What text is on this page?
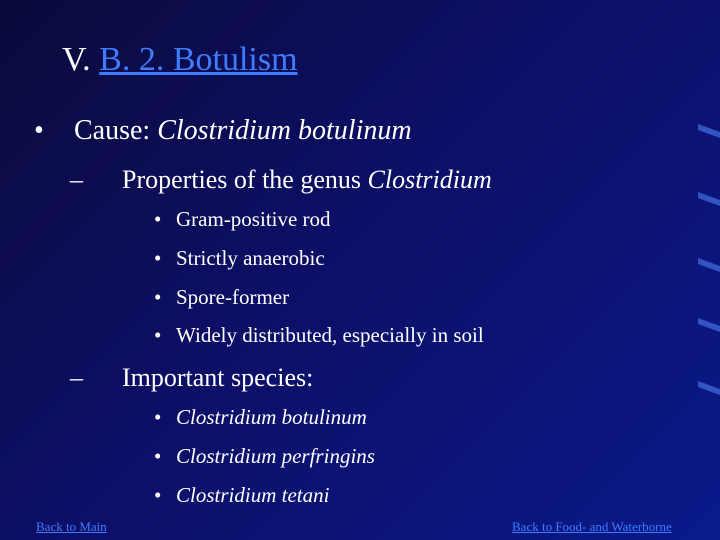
V. B. 2. Botulism
• Cause: Clostridium botulinum
– Properties of the genus Clostridium
• Gram-positive rod
• Strictly anaerobic
• Spore-former
• Widely distributed, especially in soil
– Important species:
• Clostridium botulinum
• Clostridium perfringins
• Clostridium tetani
Back to Main	Back to Food- and Waterborne
